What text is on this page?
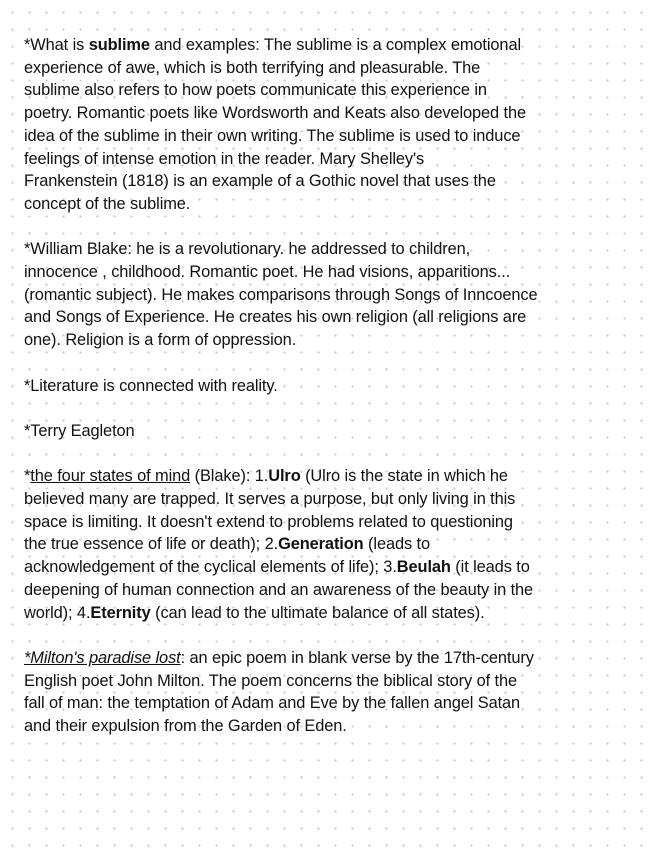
*What is sublime and examples: The sublime is a complex emotional
experience of awe, which is both terrifying and pleasurable. The
sublime also refers to how poets communicate this experience in
poetry. Romantic poets like Wordsworth and Keats also developed the
idea of the sublime in their own writing. The sublime is used to induce
feelings of intense emotion in the reader. Mary Shelley's
Frankenstein (1818) is an example of a Gothic novel that uses the
concept of the sublime.
*William Blake: he is a revolutionary. he addressed to children,
innocence , childhood. Romantic poet. He had visions, apparitions...
(romantic subject). He makes comparisons through Songs of Inncoence
and Songs of Experience. He creates his own religion (all religions are
one). Religion is a form of oppression.
*Literature is connected with reality.
*Terry Eagleton
*the four states of mind (Blake): 1.Ulro (Ulro is the state in which he
believed many are trapped. It serves a purpose, but only living in this
space is limiting. It doesn't extend to problems related to questioning
the true essence of life or death); 2.Generation (leads to
acknowledgement of the cyclical elements of life); 3.Beulah (it leads to
deepening of human connection and an awareness of the beauty in the
world); 4.Eternity (can lead to the ultimate balance of all states).
*Milton's paradise lost: an epic poem in blank verse by the 17th-century
English poet John Milton. The poem concerns the biblical story of the
fall of man: the temptation of Adam and Eve by the fallen angel Satan
and their expulsion from the Garden of Eden.
